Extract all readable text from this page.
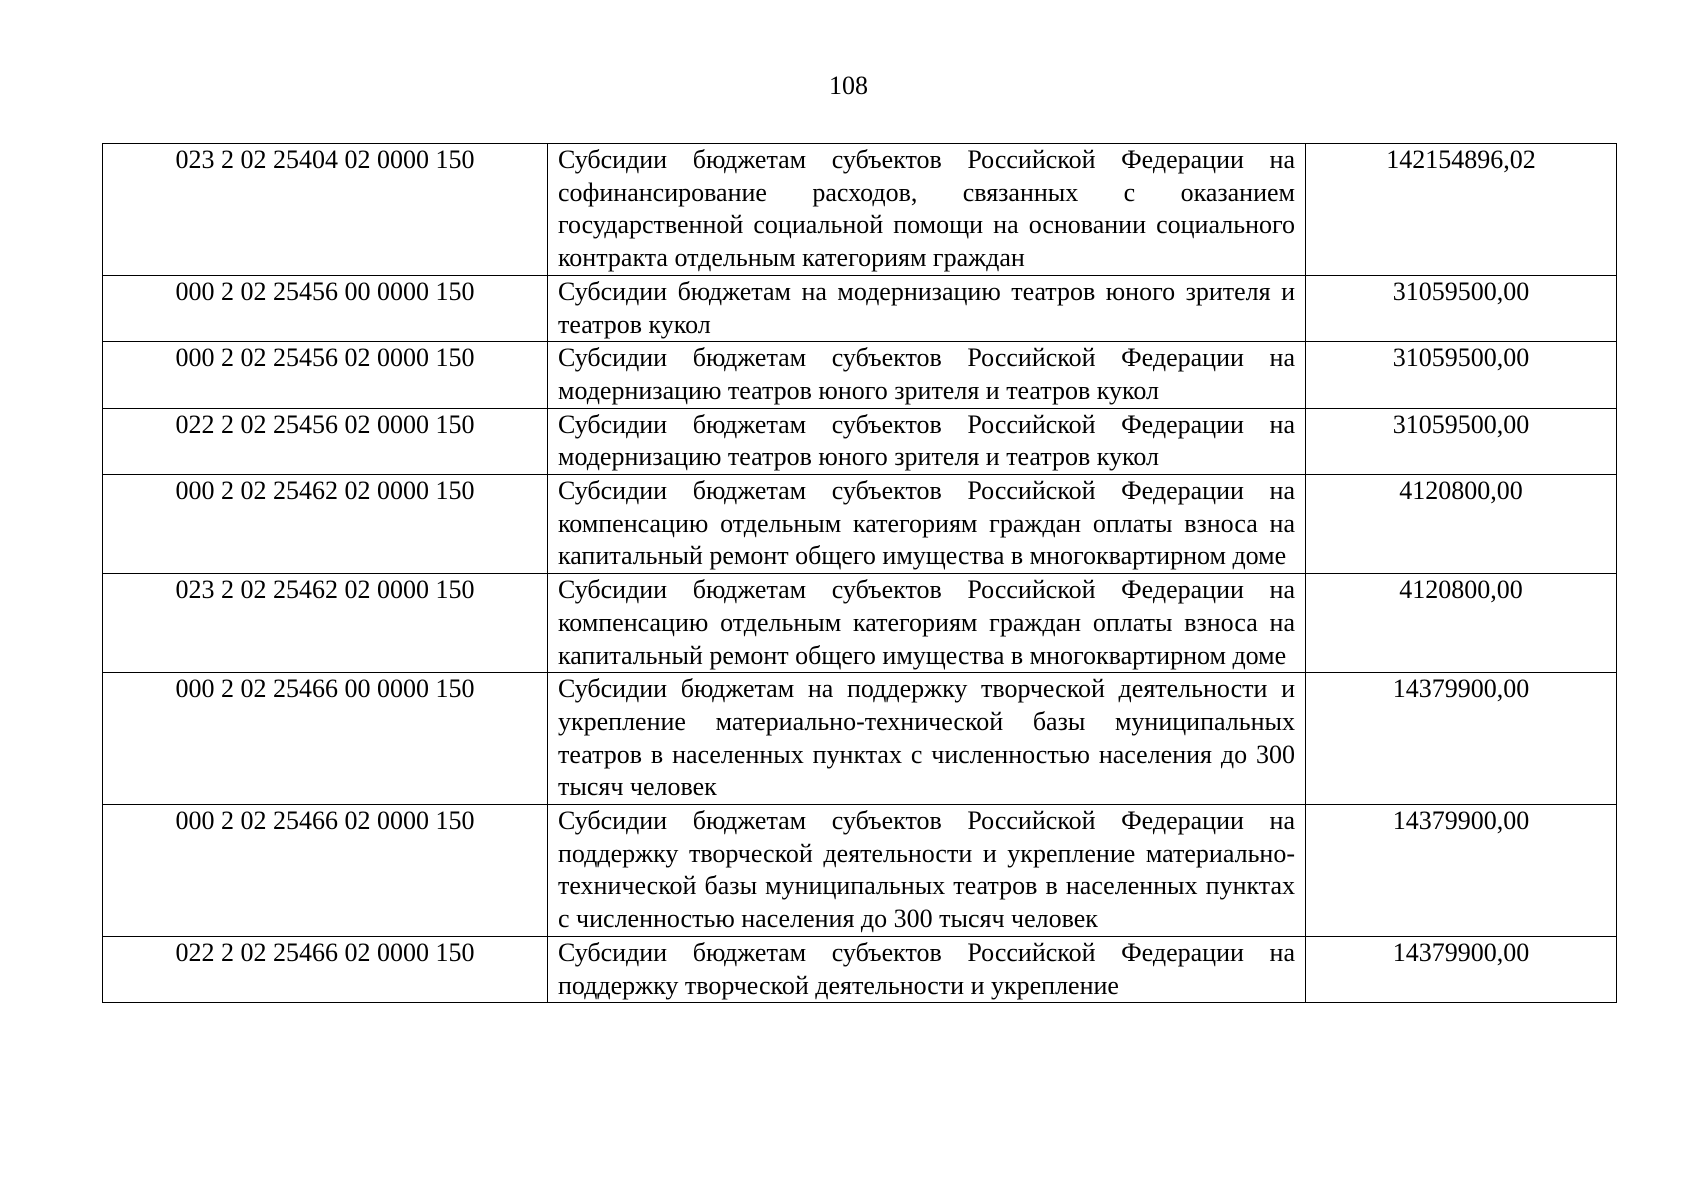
108
023 2 02 25404 02 0000 150	Субсидии бюджетам субъектов Российской Федерации на софинансирование расходов, связанных с оказанием государственной социальной помощи на основании социального контракта отдельным категориям граждан	142154896,02
000 2 02 25456 00 0000 150	Субсидии бюджетам на модернизацию театров юного зрителя и театров кукол	31059500,00
000 2 02 25456 02 0000 150	Субсидии бюджетам субъектов Российской Федерации на модернизацию театров юного зрителя и театров кукол	31059500,00
022 2 02 25456 02 0000 150	Субсидии бюджетам субъектов Российской Федерации на модернизацию театров юного зрителя и театров кукол	31059500,00
000 2 02 25462 02 0000 150	Субсидии бюджетам субъектов Российской Федерации на компенсацию отдельным категориям граждан оплаты взноса на капитальный ремонт общего имущества в многоквартирном доме	4120800,00
023 2 02 25462 02 0000 150	Субсидии бюджетам субъектов Российской Федерации на компенсацию отдельным категориям граждан оплаты взноса на капитальный ремонт общего имущества в многоквартирном доме	4120800,00
000 2 02 25466 00 0000 150	Субсидии бюджетам на поддержку творческой деятельности и укрепление материально-технической базы муниципальных театров в населенных пунктах с численностью населения до 300 тысяч человек	14379900,00
000 2 02 25466 02 0000 150	Субсидии бюджетам субъектов Российской Федерации на поддержку творческой деятельности и укрепление материально-технической базы муниципальных театров в населенных пунктах с численностью населения до 300 тысяч человек	14379900,00
022 2 02 25466 02 0000 150	Субсидии бюджетам субъектов Российской Федерации на поддержку творческой деятельности и укрепление	14379900,00
